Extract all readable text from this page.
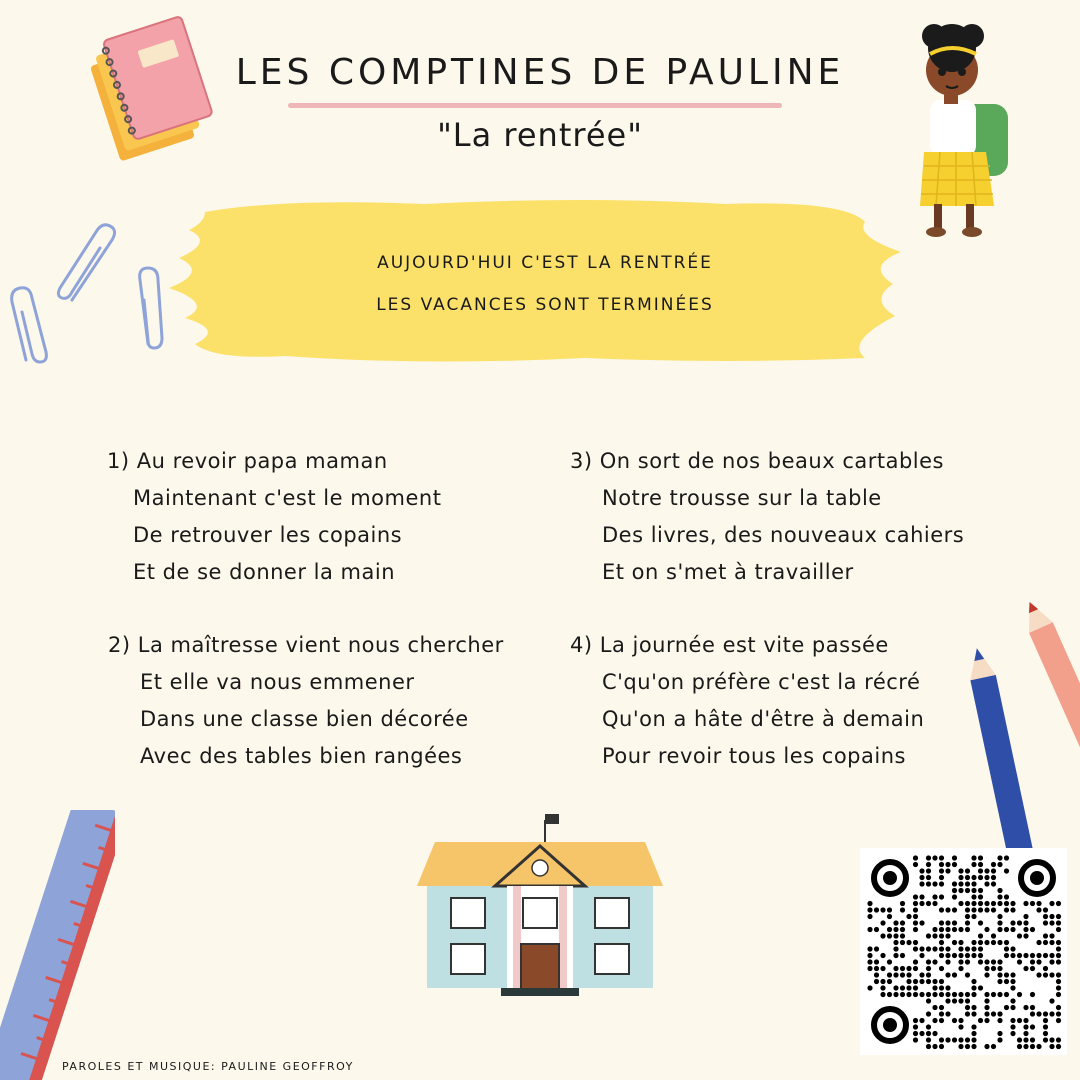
LES COMPTINES DE PAULINE
"La rentrée"
AUJOURD'HUI C'EST LA RENTRÉE
LES VACANCES SONT TERMINÉES
1) Au revoir papa maman
Maintenant c'est le moment
De retrouver les copains
Et de se donner la main
2) La maîtresse vient nous chercher
Et elle va nous emmener
Dans une classe bien décorée
Avec des tables bien rangées
3) On sort de nos beaux cartables
Notre trousse sur la table
Des livres, des nouveaux cahiers
Et on s'met à travailler
4) La journée est vite passée
C'qu'on préfère c'est la récré
Qu'on a hâte d'être à demain
Pour revoir tous les copains
PAROLES ET MUSIQUE: PAULINE GEOFFROY
